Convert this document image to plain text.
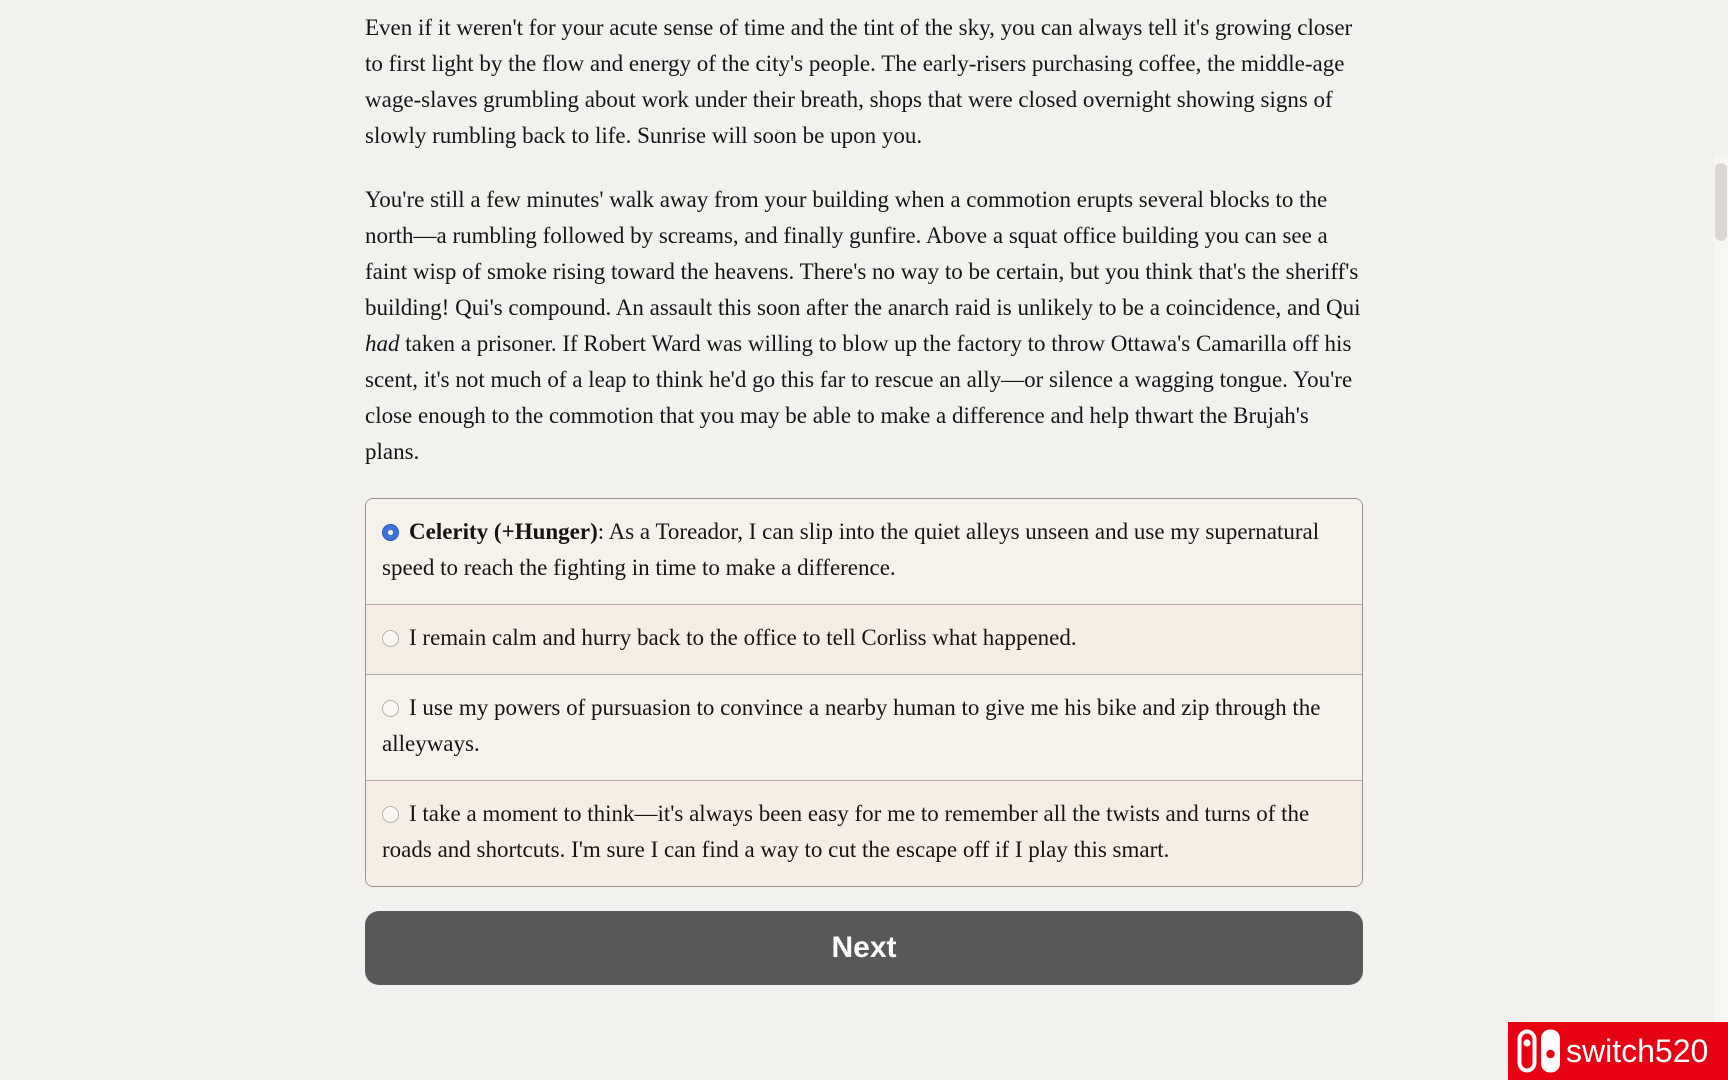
Even if it weren't for your acute sense of time and the tint of the sky, you can always tell it's growing closer to first light by the flow and energy of the city's people. The early-risers purchasing coffee, the middle-age wage-slaves grumbling about work under their breath, shops that were closed overnight showing signs of slowly rumbling back to life. Sunrise will soon be upon you.

You're still a few minutes' walk away from your building when a commotion erupts several blocks to the north—a rumbling followed by screams, and finally gunfire. Above a squat office building you can see a faint wisp of smoke rising toward the heavens. There's no way to be certain, but you think that's the sheriff's building! Qui's compound. An assault this soon after the anarch raid is unlikely to be a coincidence, and Qui had taken a prisoner. If Robert Ward was willing to blow up the factory to throw Ottawa's Camarilla off his scent, it's not much of a leap to think he'd go this far to rescue an ally—or silence a wagging tongue. You're close enough to the commotion that you may be able to make a difference and help thwart the Brujah's plans.

Celerity (+Hunger): As a Toreador, I can slip into the quiet alleys unseen and use my supernatural speed to reach the fighting in time to make a difference.
I remain calm and hurry back to the office to tell Corliss what happened.
I use my powers of pursuasion to convince a nearby human to give me his bike and zip through the alleyways.
I take a moment to think—it's always been easy for me to remember all the twists and turns of the roads and shortcuts. I'm sure I can find a way to cut the escape off if I play this smart.
Next
switch520
